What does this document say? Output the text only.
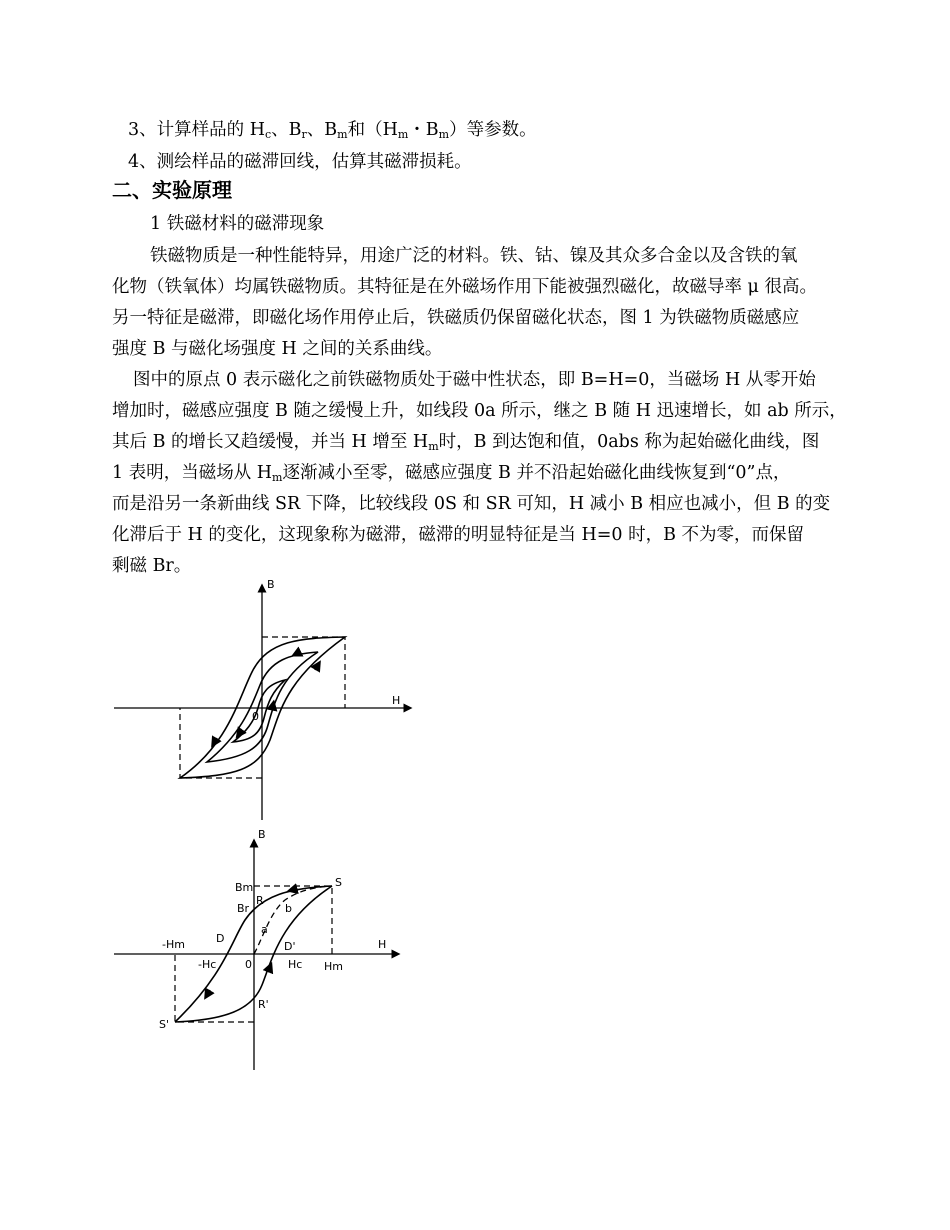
3、计算样品的 $H_c$、$B_r$、$B_m$和（$H_m$・$B_m$）等参数。
4、测绘样品的磁滞回线，估算其磁滞损耗。
二、实验原理
1 铁磁材料的磁滞现象
铁磁物质是一种性能特异，用途广泛的材料。铁、钴、镍及其众多合金以及含铁的氧
化物（铁氧体）均属铁磁物质。其特征是在外磁场作用下能被强烈磁化，故磁导率 μ 很高。
另一特征是磁滞，即磁化场作用停止后，铁磁质仍保留磁化状态，图 1 为铁磁物质磁感应
强度 B 与磁化场强度 H 之间的关系曲线。
图中的原点 0 表示磁化之前铁磁物质处于磁中性状态，即 B=H=0，当磁场 H 从零开始
增加时，磁感应强度 B 随之缓慢上升，如线段 0a 所示，继之 B 随 H 迅速增长，如 ab 所示，
其后 B 的增长又趋缓慢，并当 H 增至 $H_m$时，B 到达饱和值，0abs 称为起始磁化曲线，图
1 表明，当磁场从 $H_m$逐渐减小至零，磁感应强度 B 并不沿起始磁化曲线恢复到“0”点，
而是沿另一条新曲线 SR 下降，比较线段 0S 和 SR 可知，H 减小 B 相应也减小，但 B 的变
化滞后于 H 的变化，这现象称为磁滞，磁滞的明显特征是当 H=0 时，B 不为零，而保留
剩磁 Br。
B
H
0
B
H
Bm
Br
S
R
b
a
D
D'
-Hm
-Hc	0	Hc Hm
R'
S'
